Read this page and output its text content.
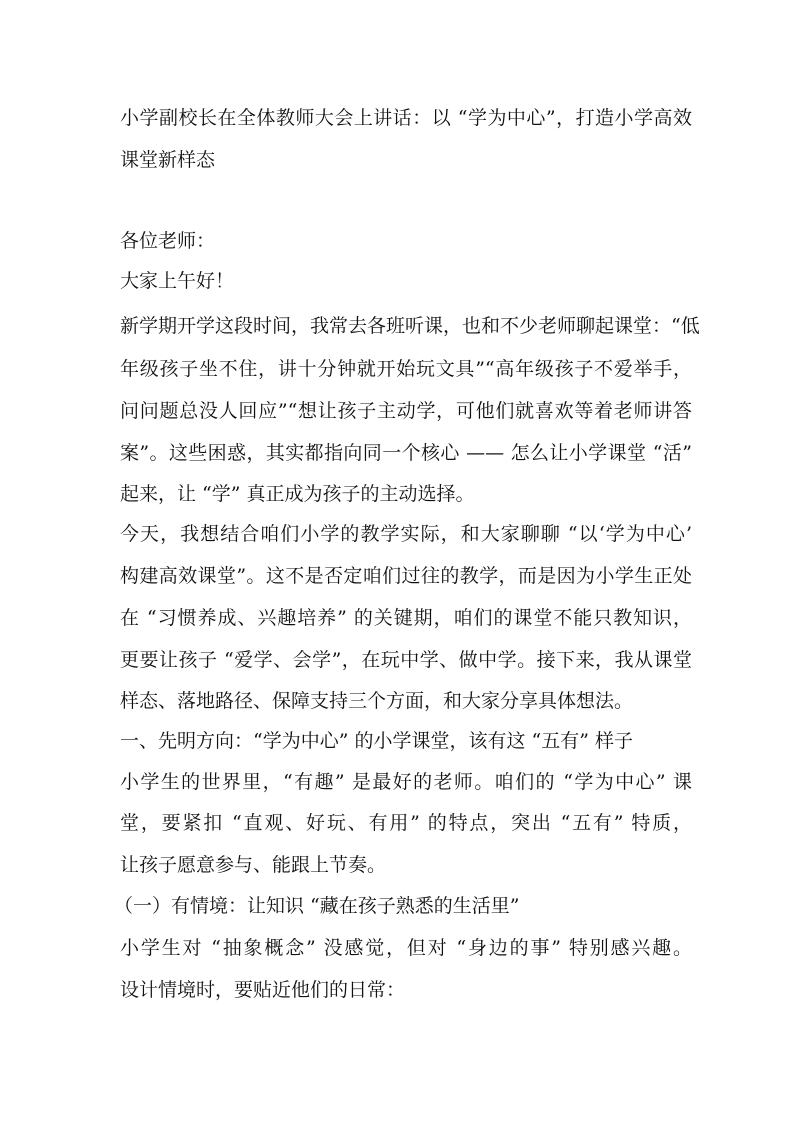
小学副校长在全体教师大会上讲话：以 “学为中心”，打造小学高效
课堂新样态
各位老师：
大家上午好！
新学期开学这段时间，我常去各班听课，也和不少老师聊起课堂：“低
年级孩子坐不住，讲十分钟就开始玩文具”“高年级孩子不爱举手，
问问题总没人回应”“想让孩子主动学，可他们就喜欢等着老师讲答
案”。这些困惑，其实都指向同一个核心 —— 怎么让小学课堂 “活”
起来，让 “学” 真正成为孩子的主动选择。
今天，我想结合咱们小学的教学实际，和大家聊聊 “以‘学为中心’
构建高效课堂”。这不是否定咱们过往的教学，而是因为小学生正处
在 “习惯养成、兴趣培养” 的关键期，咱们的课堂不能只教知识，
更要让孩子 “爱学、会学”，在玩中学、做中学。接下来，我从课堂
样态、落地路径、保障支持三个方面，和大家分享具体想法。
一、先明方向：“学为中心” 的小学课堂，该有这 “五有” 样子
小学生的世界里，“有趣” 是最好的老师。咱们的 “学为中心” 课
堂，要紧扣 “直观、好玩、有用” 的特点，突出 “五有” 特质，
让孩子愿意参与、能跟上节奏。
（一）有情境：让知识 “藏在孩子熟悉的生活里”
小学生对 “抽象概念” 没感觉，但对 “身边的事” 特别感兴趣。
设计情境时，要贴近他们的日常：
